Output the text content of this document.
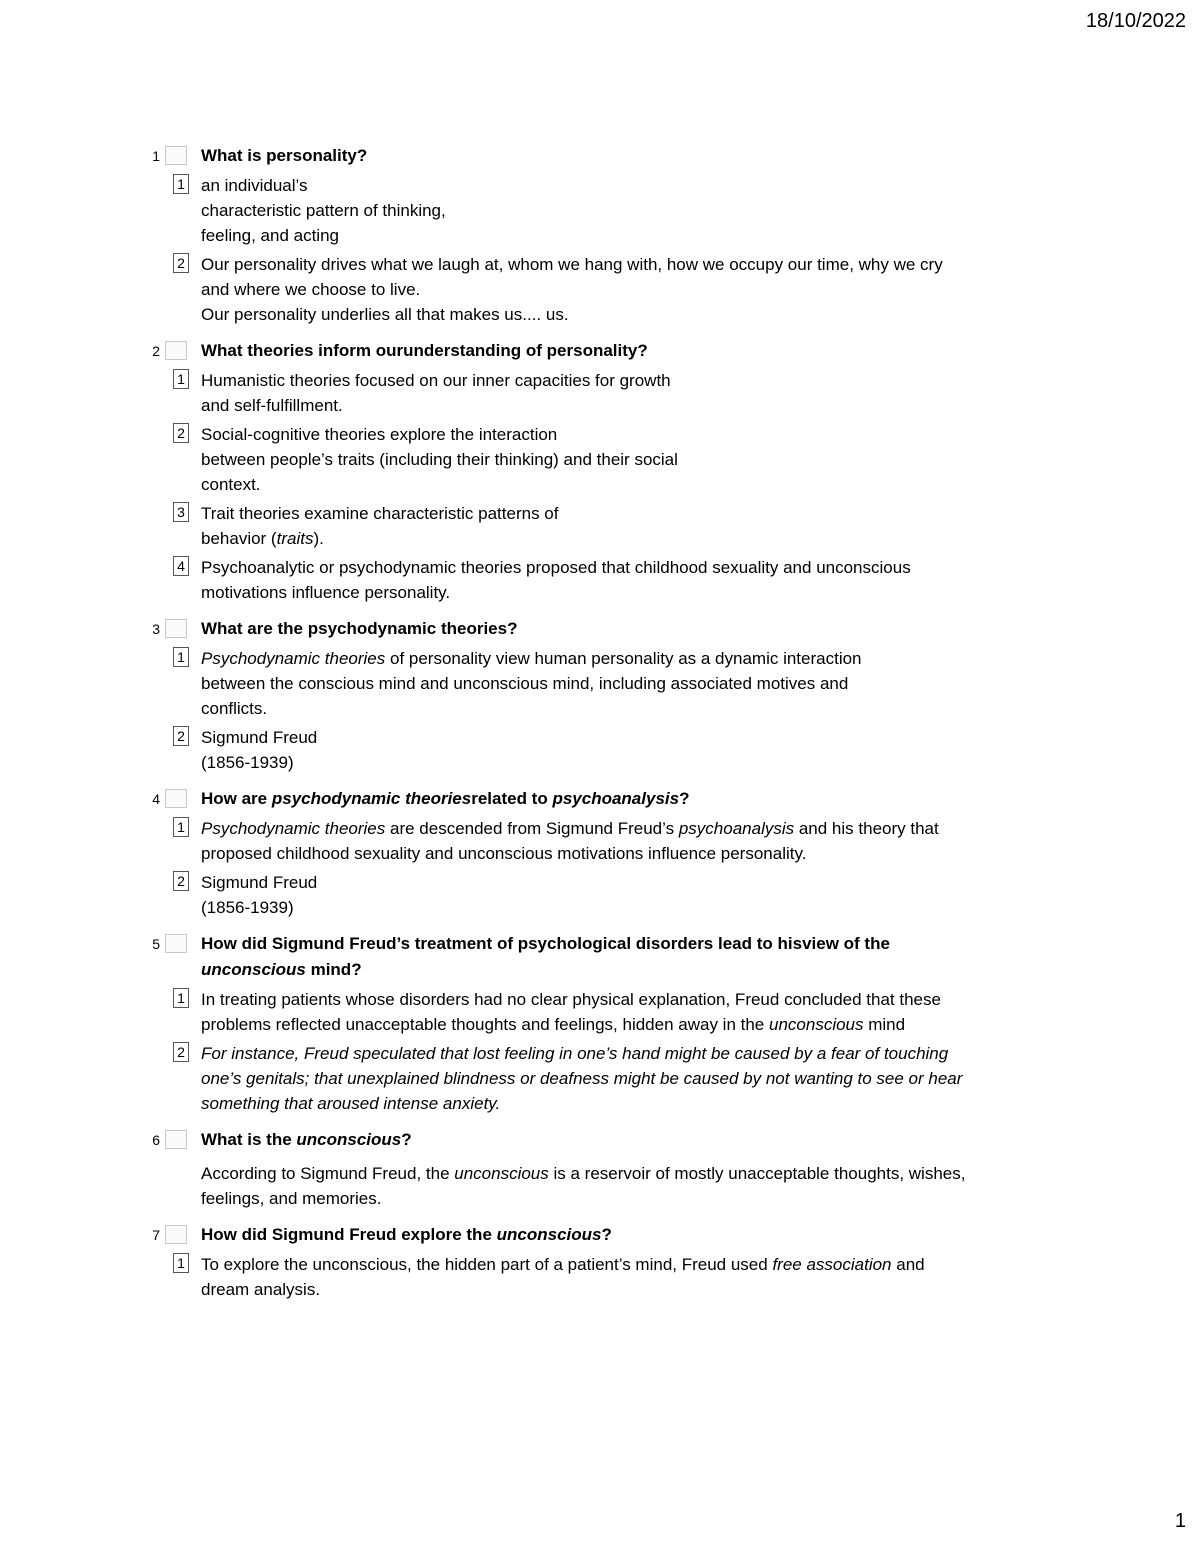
18/10/2022
1 What is personality?
1 an individual’s
characteristic pattern of thinking,
feeling, and acting
2 Our personality drives what we laugh at, whom we hang with, how we occupy our time, why we cry
and where we choose to live.
Our personality underlies all that makes us.... us.
2 What theories inform ourunderstanding of personality?
1 Humanistic theories focused on our inner capacities for growth
and self-fulfillment.
2 Social-cognitive theories explore the interaction
between people’s traits (including their thinking) and their social
context.
3 Trait theories examine characteristic patterns of
behavior (traits).
4 Psychoanalytic or psychodynamic theories proposed that childhood sexuality and unconscious
motivations influence personality.
3 What are the psychodynamic theories?
1 Psychodynamic theories of personality view human personality as a dynamic interaction
between the conscious mind and unconscious mind, including associated motives and
conflicts.
2 Sigmund Freud
(1856-1939)
4 How are psychodynamic theoriesrelated to psychoanalysis?
1 Psychodynamic theories are descended from Sigmund Freud’s psychoanalysis and his theory that
proposed childhood sexuality and unconscious motivations influence personality.
2 Sigmund Freud
(1856-1939)
5 How did Sigmund Freud’s treatment of psychological disorders lead to hisview of the unconscious mind?
1 In treating patients whose disorders had no clear physical explanation, Freud concluded that these
problems reflected unacceptable thoughts and feelings, hidden away in the unconscious mind
2 For instance, Freud speculated that lost feeling in one’s hand might be caused by a fear of touching
one’s genitals; that unexplained blindness or deafness might be caused by not wanting to see or hear
something that aroused intense anxiety.
6 What is the unconscious?
According to Sigmund Freud, the unconscious is a reservoir of mostly unacceptable thoughts, wishes,
feelings, and memories.
7 How did Sigmund Freud explore the unconscious?
1 To explore the unconscious, the hidden part of a patient’s mind, Freud used free association and
dream analysis.
1
